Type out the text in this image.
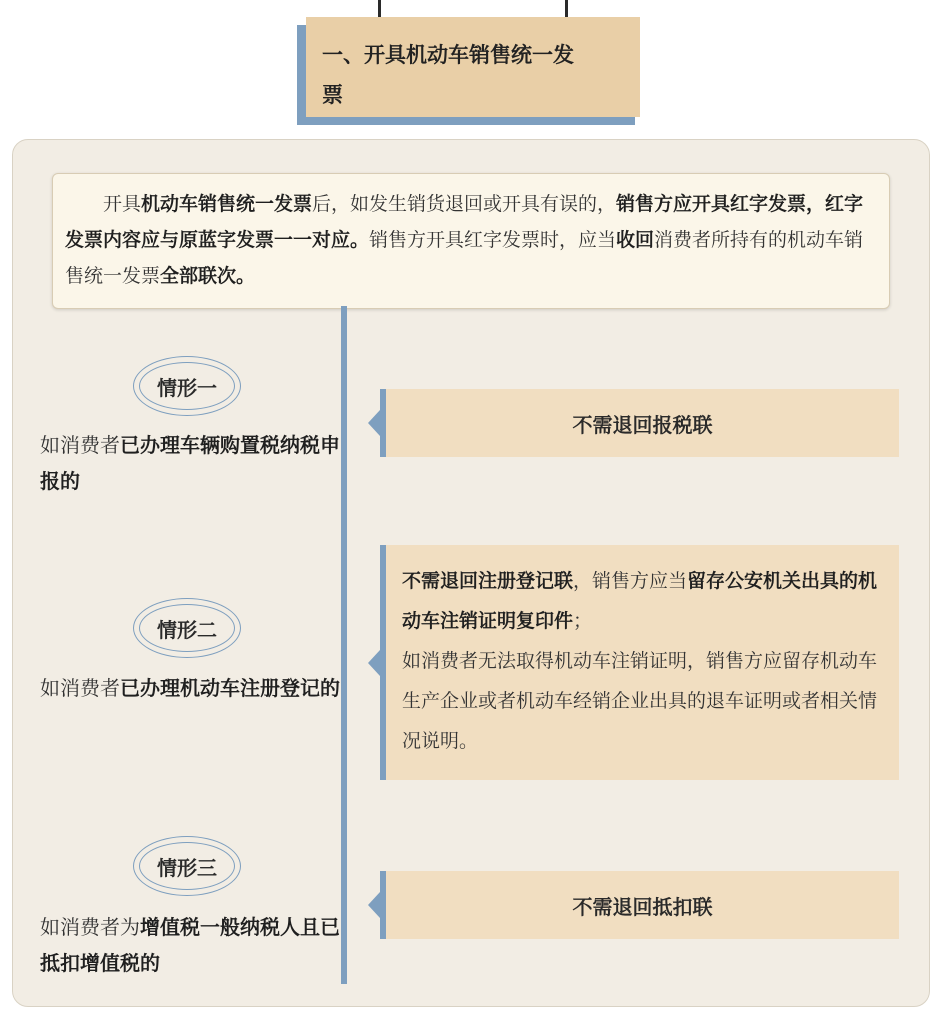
一、开具机动车销售统一发
票
开具机动车销售统一发票后，如发生销货退回或开具有误的，销售方应开具红字发票，红字发票内容应与原蓝字发票一一对应。销售方开具红字发票时，应当收回消费者所持有的机动车销售统一发票全部联次。
情形一
如消费者已办理车辆购置税纳税申报的
不需退回报税联
情形二
如消费者已办理机动车注册登记的
不需退回注册登记联，销售方应当留存公安机关出具的机动车注销证明复印件；
如消费者无法取得机动车注销证明，销售方应留存机动车生产企业或者机动车经销企业出具的退车证明或者相关情况说明。
情形三
如消费者为增值税一般纳税人且已抵扣增值税的
不需退回抵扣联
